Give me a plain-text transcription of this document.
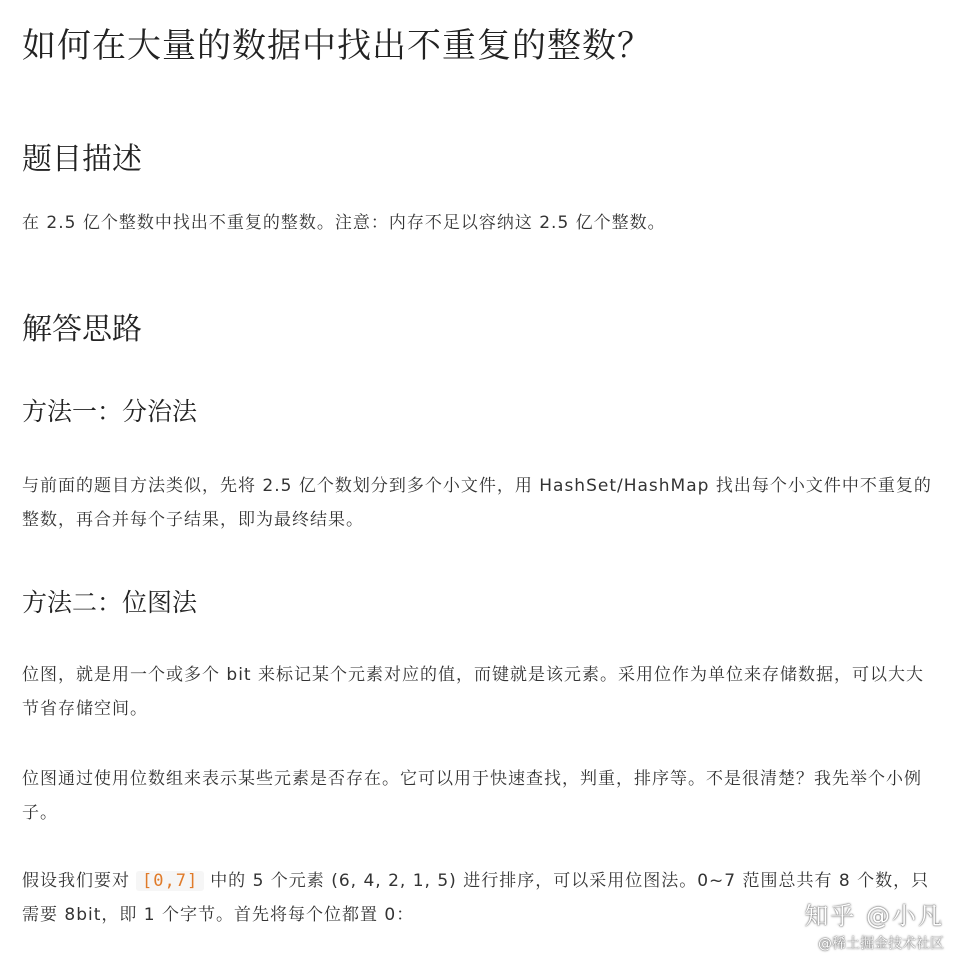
如何在大量的数据中找出不重复的整数？
题目描述

在 2.5 亿个整数中找出不重复的整数。注意：内存不足以容纳这 2.5 亿个整数。

解答思路
方法一：分治法

与前面的题目方法类似，先将 2.5 亿个数划分到多个小文件，用 HashSet/HashMap 找出每个小文件中不重复的整数，再合并每个子结果，即为最终结果。

方法二：位图法

位图，就是用一个或多个 bit 来标记某个元素对应的值，而键就是该元素。采用位作为单位来存储数据，可以大大节省存储空间。

位图通过使用位数组来表示某些元素是否存在。它可以用于快速查找，判重，排序等。不是很清楚？我先举个小例子。

假设我们要对 [0,7] 中的 5 个元素 (6, 4, 2, 1, 5) 进行排序，可以采用位图法。0~7 范围总共有 8 个数，只需要 8bit，即 1 个字节。首先将每个位都置 0：	知乎 @小凡
@稀土掘金技术社区
